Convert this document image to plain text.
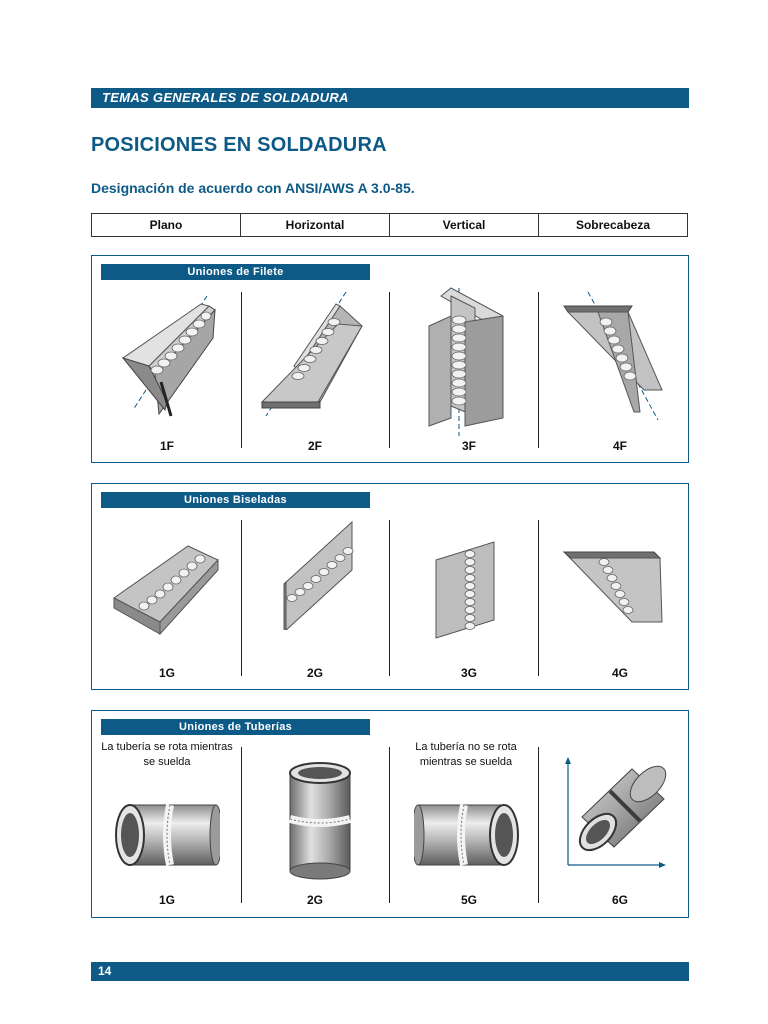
TEMAS GENERALES DE SOLDADURA
POSICIONES EN SOLDADURA
Designación de acuerdo con ANSI/AWS A 3.0-85.
Plano	Horizontal	Vertical	Sobrecabeza
Uniones de Filete
1F	2F	3F	4F
Uniones Biseladas
1G	2G	3G	4G
Uniones de Tuberías
La tubería se rota mientras se suelda
La tubería no se rota mientras se suelda
1G	2G	5G	6G
14
